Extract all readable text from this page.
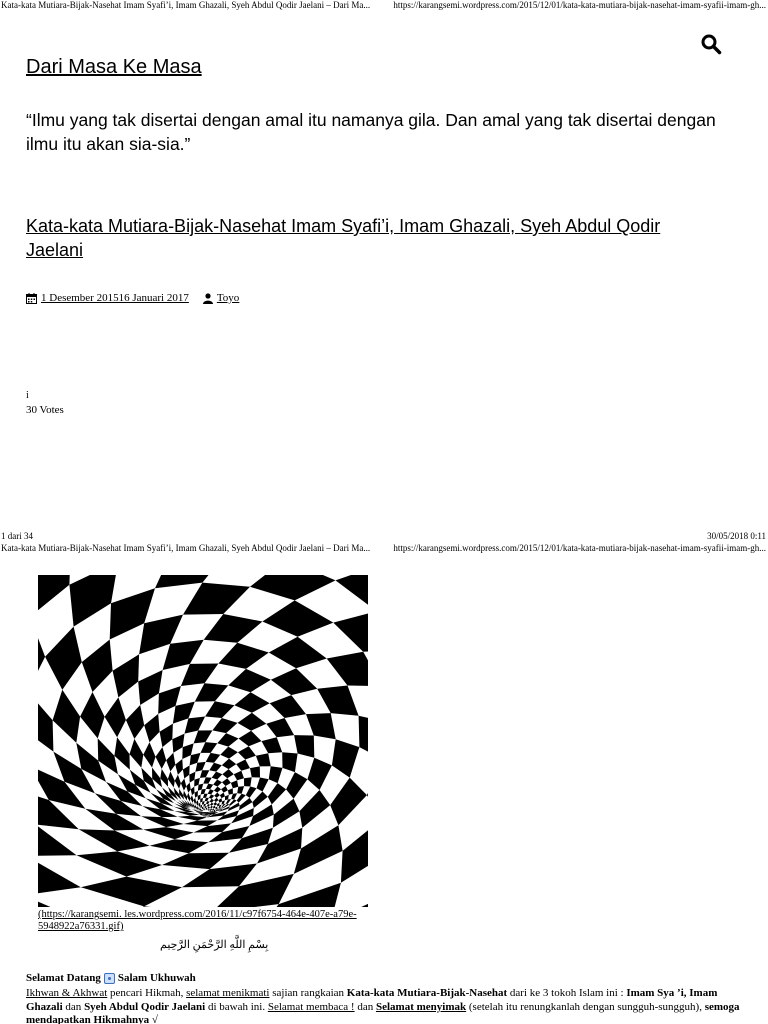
Kata-kata Mutiara-Bijak-Nasehat Imam Syafi’i, Imam Ghazali, Syeh Abdul Qodir Jaelani – Dari Ma...	https://karangsemi.wordpress.com/2015/12/01/kata-kata-mutiara-bijak-nasehat-imam-syafii-imam-gh...
Dari Masa Ke Masa

“Ilmu yang tak disertai dengan amal itu namanya gila. Dan amal yang tak disertai dengan ilmu itu akan sia-sia.”

Kata-kata Mutiara-Bijak-Nasehat Imam Syafi’i, Imam Ghazali, Syeh Abdul Qodir Jaelani
1 Desember 201516 Januari 2017	Toyo
i
30 Votes
1 dari 34	30/05/2018 0:11
Kata-kata Mutiara-Bijak-Nasehat Imam Syafi’i, Imam Ghazali, Syeh Abdul Qodir Jaelani – Dari Ma...	https://karangsemi.wordpress.com/2015/12/01/kata-kata-mutiara-bijak-nasehat-imam-syafii-imam-gh...
(https://karangsemi. les.wordpress.com/2016/11/c97f6754-464e-407e-a79e-5948922a76331.gif)
بِسْمِ اللَّهِ الرَّحْمَنِ الرَّحِيم
Selamat Datang Salam Ukhuwah

Ikhwan & Akhwat pencari Hikmah, selamat menikmati sajian rangkaian Kata-kata Mutiara-Bijak-Nasehat dari ke 3 tokoh Islam ini : Imam Sya ’i, Imam Ghazali dan Syeh Abdul Qodir Jaelani di bawah ini. Selamat membaca ! dan Selamat menyimak (setelah itu renungkanlah dengan sungguh-sungguh), semoga mendapatkan Hikmahnya √
